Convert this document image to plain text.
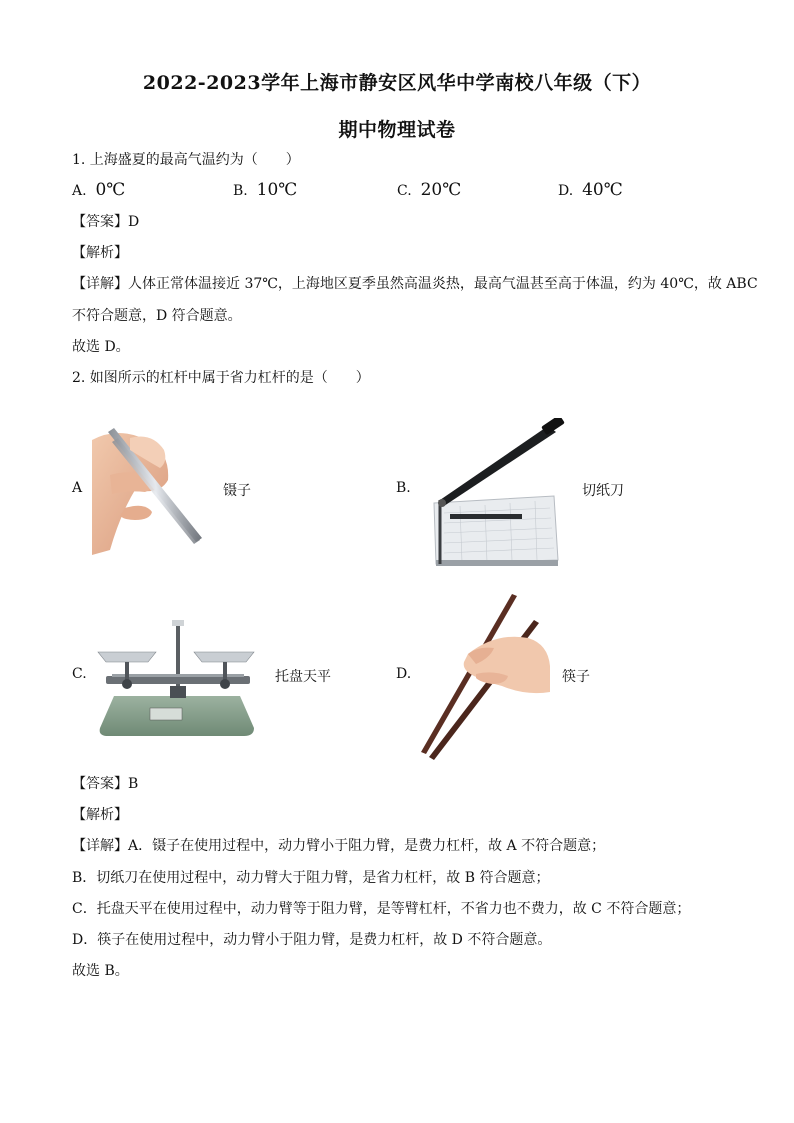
2022-2023学年上海市静安区风华中学南校八年级（下）
期中物理试卷
1. 上海盛夏的最高气温约为（　　）
A. 0℃	B. 10℃	C. 20℃	D. 40℃
【答案】D
【解析】
【详解】人体正常体温接近 37℃，上海地区夏季虽然高温炎热，最高气温甚至高于体温，约为 40℃，故 ABC
不符合题意，D 符合题意。
故选 D。
2. 如图所示的杠杆中属于省力杠杆的是（　　）
A	镊子	B.	切纸刀
C.	托盘天平	D.	筷子
【答案】B
【解析】
【详解】A．镊子在使用过程中，动力臂小于阻力臂，是费力杠杆，故 A 不符合题意；
B．切纸刀在使用过程中，动力臂大于阻力臂，是省力杠杆，故 B 符合题意；
C．托盘天平在使用过程中，动力臂等于阻力臂，是等臂杠杆，不省力也不费力，故 C 不符合题意；
D．筷子在使用过程中，动力臂小于阻力臂，是费力杠杆，故 D 不符合题意。
故选 B。
